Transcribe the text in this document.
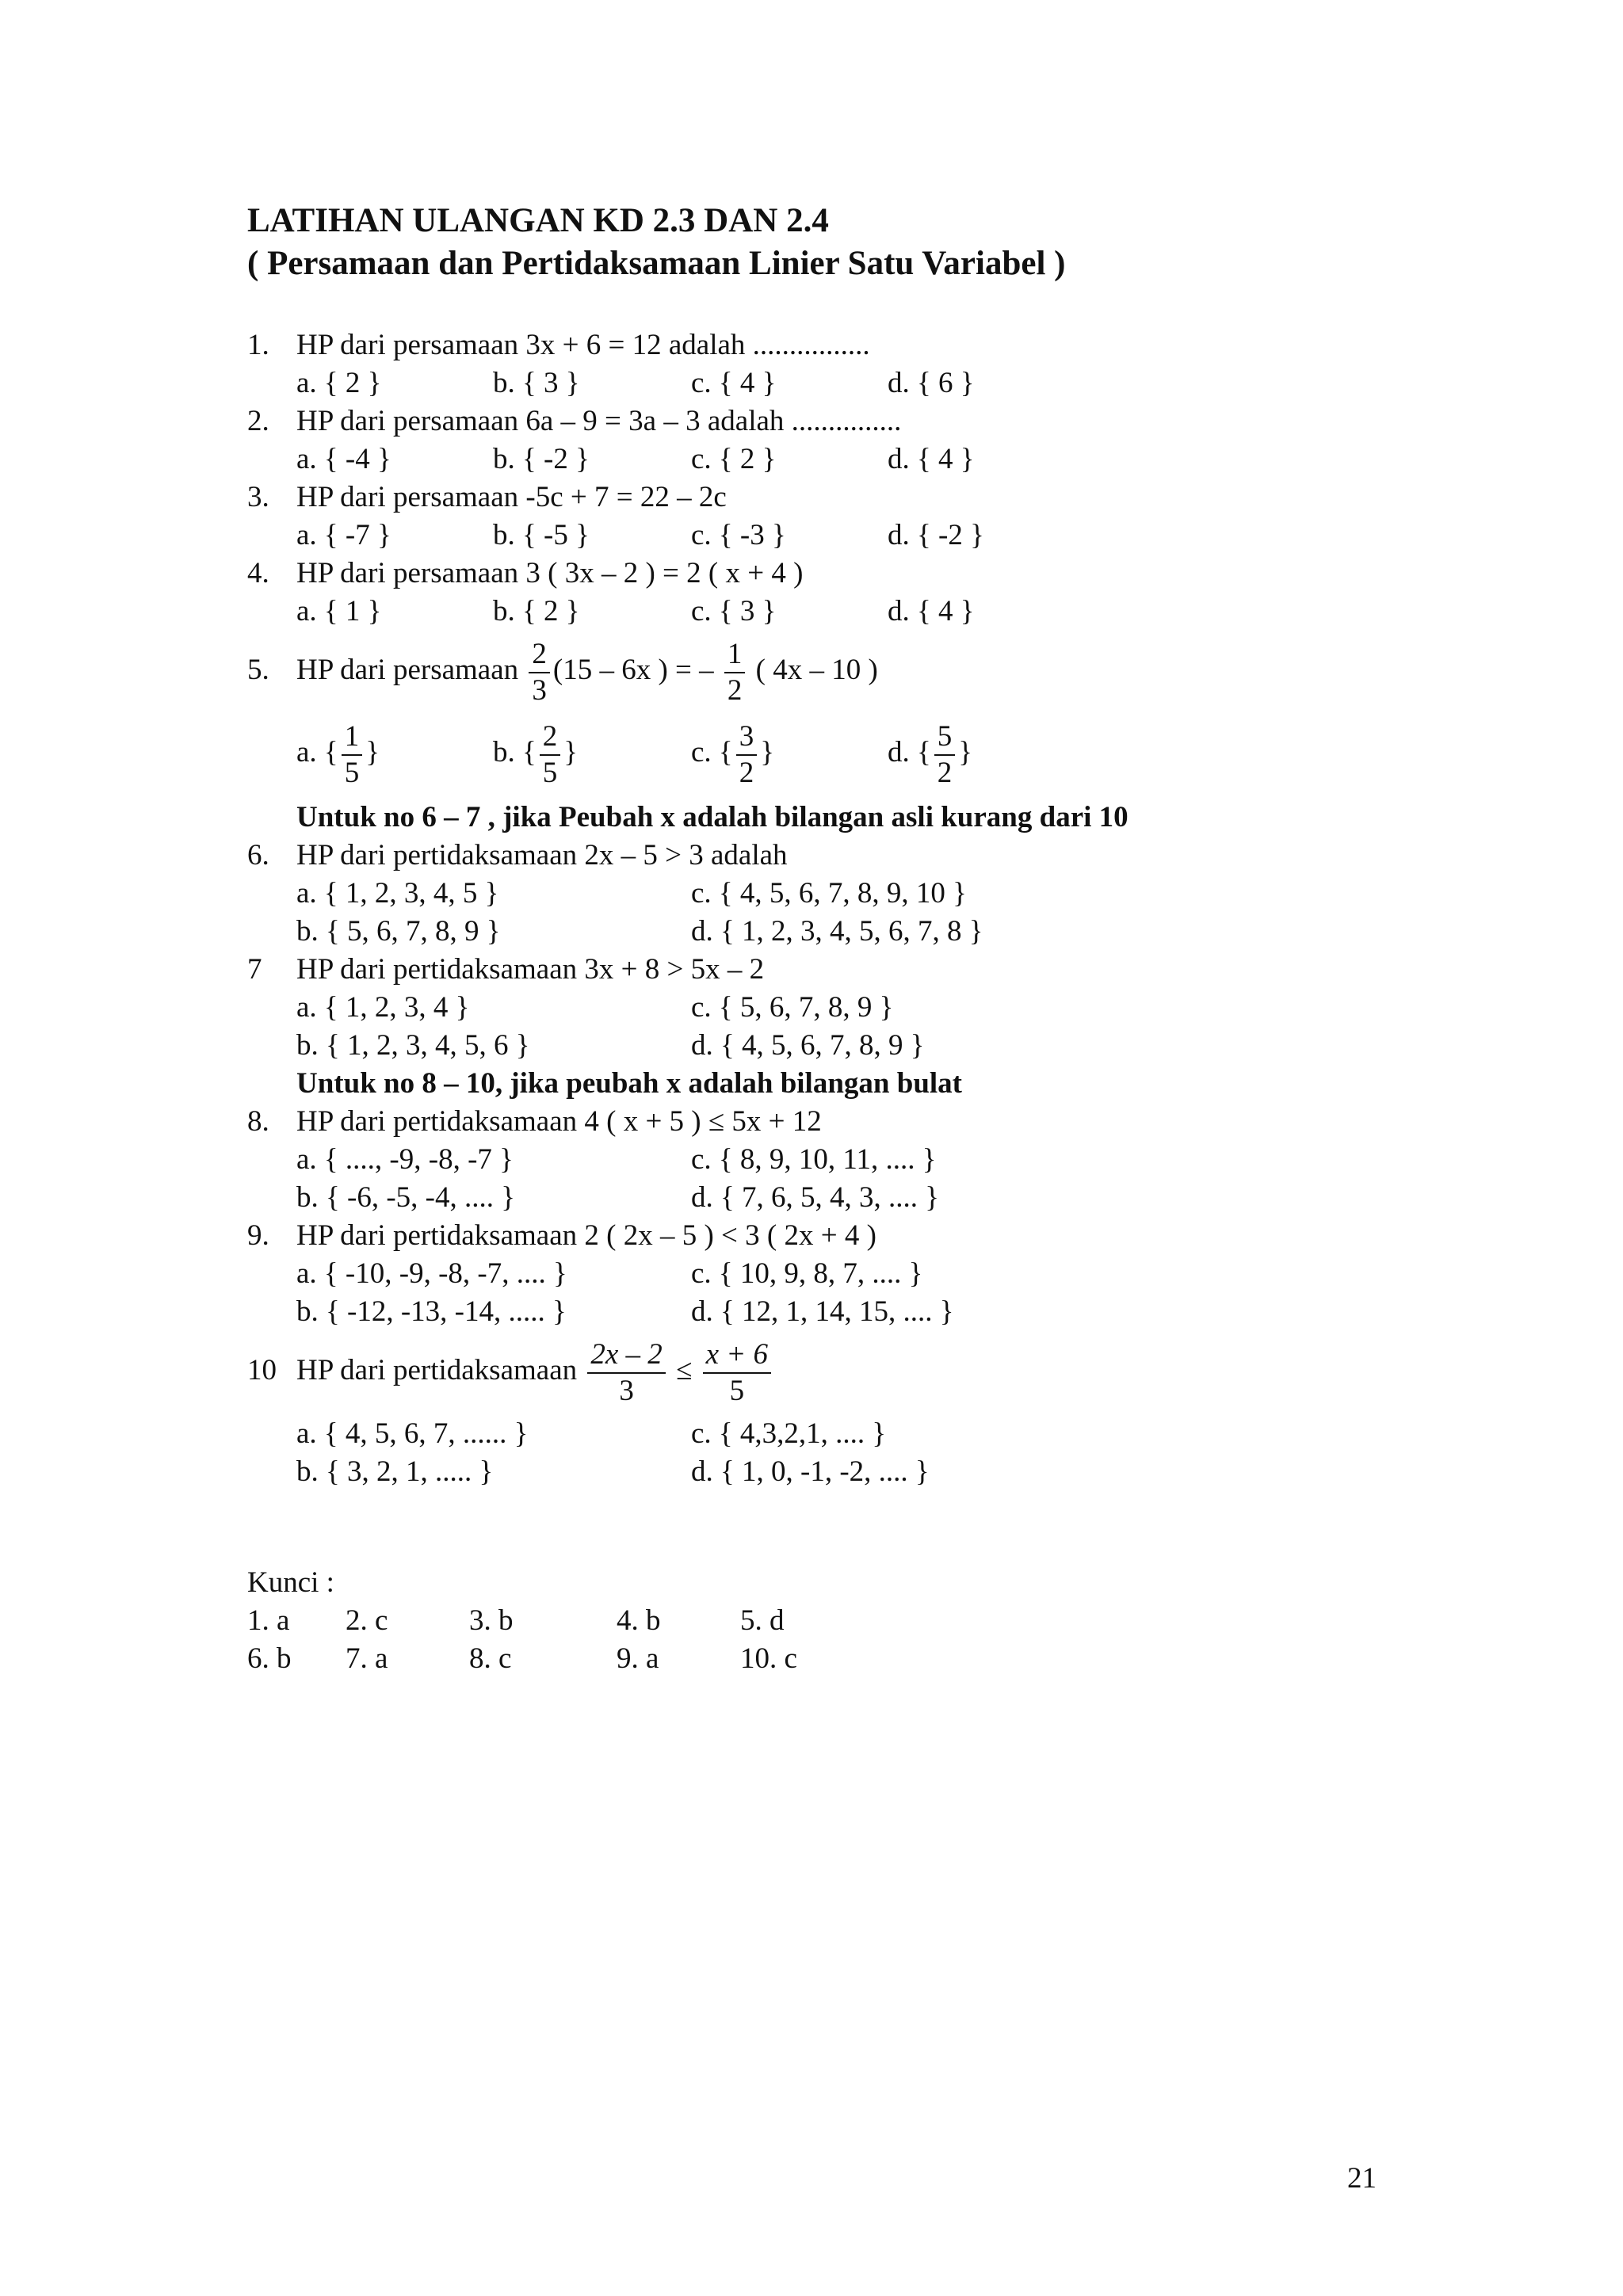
LATIHAN ULANGAN KD 2.3 DAN 2.4
( Persamaan dan Pertidaksamaan Linier Satu Variabel )
1. HP dari persamaan 3x + 6 = 12 adalah ................
a. { 2 }	b. { 3 }	c. { 4 }	d. { 6 }
2. HP dari persamaan 6a – 9 = 3a – 3 adalah ...............
a. { -4 }	b. { -2 }	c. { 2 }	d. { 4 }
3. HP dari persamaan -5c + 7 = 22 – 2c
a. { -7 }	b. { -5 }	c. { -3 }	d. { -2 }
4. HP dari persamaan 3 ( 3x – 2 ) = 2 ( x + 4 )
a. { 1 }	b. { 2 }	c. { 3 }	d. { 4 }
5. HP dari persamaan $\frac{2}{3} (15 - 6x$ ) = – $\frac{1}{2}$ ( 4x – 10 )
a. { $\frac{1}{5}$ }	b. { $\frac{2}{5}$ }	c. { $\frac{3}{2}$ }	d. { $\frac{5}{2}$ }
Untuk no 6 – 7 , jika Peubah x adalah bilangan asli kurang dari 10
6. HP dari pertidaksamaan 2x – 5 > 3 adalah
a. { 1, 2, 3, 4, 5 }	c. { 4, 5, 6, 7, 8, 9, 10 }
b. { 5, 6, 7, 8, 9 }	d. { 1, 2, 3, 4, 5, 6, 7, 8 }
7 HP dari pertidaksamaan 3x + 8 > 5x – 2
a. { 1, 2, 3, 4 }	c. { 5, 6, 7, 8, 9 }
b. { 1, 2, 3, 4, 5, 6 }	d. { 4, 5, 6, 7, 8, 9 }
Untuk no 8 – 10, jika peubah x adalah bilangan bulat
8. HP dari pertidaksamaan 4 ( x + 5 ) ≤ 5x + 12
a. { ...., -9, -8, -7 }	c. { 8, 9, 10, 11, .... }
b. { -6, -5, -4, .... }	d. { 7, 6, 5, 4, 3, .... }
9. HP dari pertidaksamaan 2 ( 2x – 5 ) < 3 ( 2x + 4 )
a. { -10, -9, -8, -7, .... }	c. { 10, 9, 8, 7, .... }
b. { -12, -13, -14, ..... }	d. { 12, 1, 14, 15, .... }
10 HP dari pertidaksamaan $\frac{2x - 2}{3} \le \frac{x + 6}{5}$
a. { 4, 5, 6, 7, ...... }	c. { 4,3,2,1, .... }
b. { 3, 2, 1, ..... }	d. { 1, 0, -1, -2, .... }
Kunci :
1. a 2. c	3. b	4. b	5. d
6. b 7. a	8. c	9. a	10. c
21
